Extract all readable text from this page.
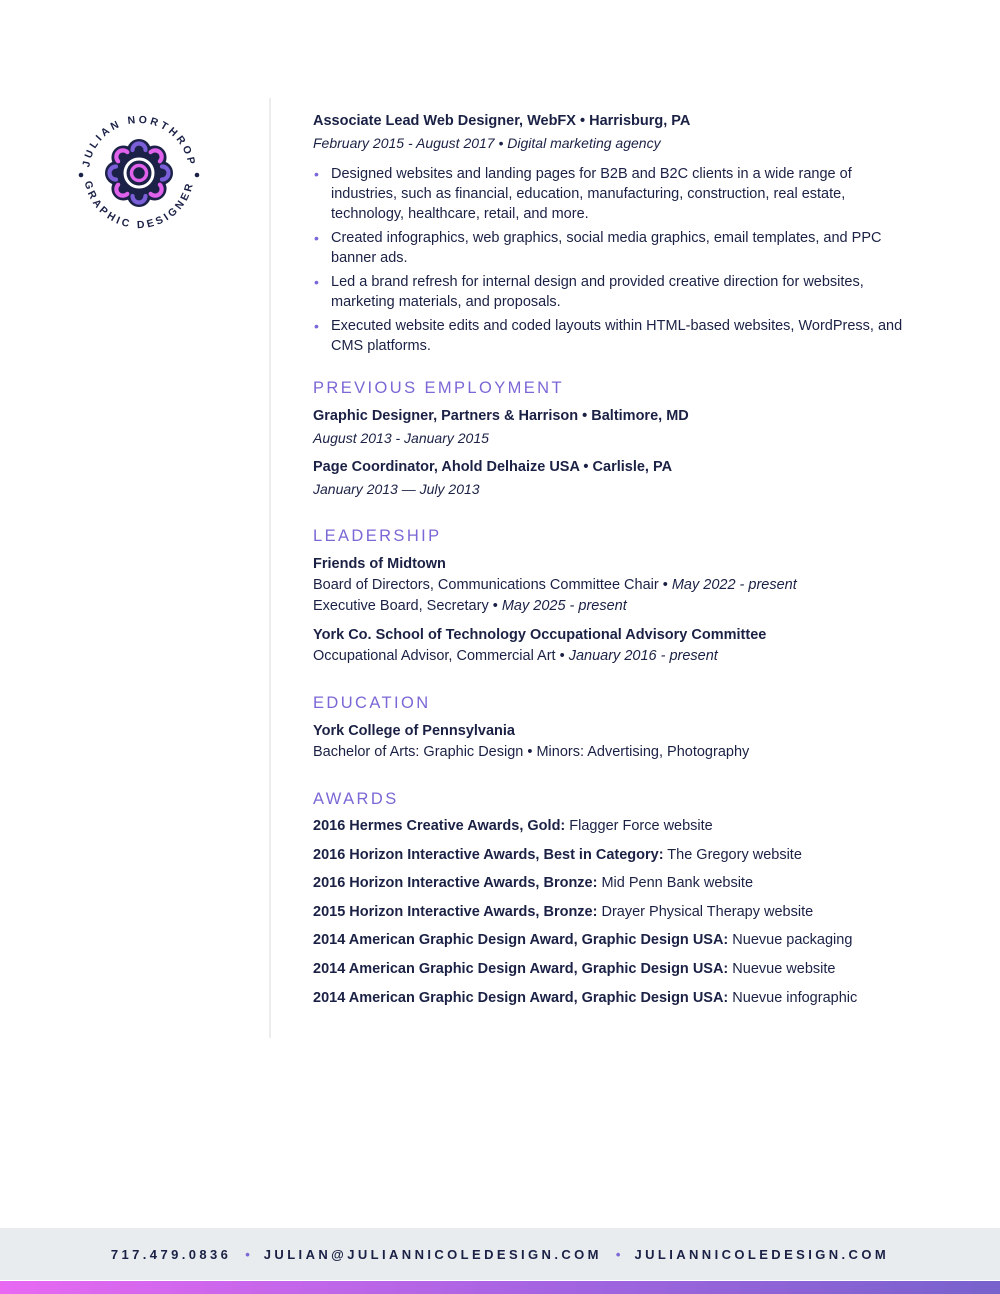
JULIAN NORTHROP
GRAPHIC DESIGNER
Associate Lead Web Designer, WebFX • Harrisburg, PA
February 2015 - August 2017 • Digital marketing agency
• Designed websites and landing pages for B2B and B2C clients in a wide range of industries, such as financial, education, manufacturing, construction, real estate, technology, healthcare, retail, and more.
• Created infographics, web graphics, social media graphics, email templates, and PPC banner ads.
• Led a brand refresh for internal design and provided creative direction for websites, marketing materials, and proposals.
• Executed website edits and coded layouts within HTML-based websites, WordPress, and CMS platforms.
PREVIOUS EMPLOYMENT
Graphic Designer, Partners & Harrison • Baltimore, MD
August 2013 - January 2015
Page Coordinator, Ahold Delhaize USA • Carlisle, PA
January 2013 — July 2013
LEADERSHIP
Friends of Midtown
Board of Directors, Communications Committee Chair • May 2022 - present
Executive Board, Secretary • May 2025 - present
York Co. School of Technology Occupational Advisory Committee
Occupational Advisor, Commercial Art • January 2016 - present
EDUCATION
York College of Pennsylvania
Bachelor of Arts: Graphic Design • Minors: Advertising, Photography
AWARDS
2016 Hermes Creative Awards, Gold: Flagger Force website
2016 Horizon Interactive Awards, Best in Category: The Gregory website
2016 Horizon Interactive Awards, Bronze: Mid Penn Bank website
2015 Horizon Interactive Awards, Bronze: Drayer Physical Therapy website
2014 American Graphic Design Award, Graphic Design USA: Nuevue packaging
2014 American Graphic Design Award, Graphic Design USA: Nuevue website
2014 American Graphic Design Award, Graphic Design USA: Nuevue infographic
717.479.0836 • JULIAN@JULIANNICOLEDESIGN.COM • JULIANNICOLEDESIGN.COM
